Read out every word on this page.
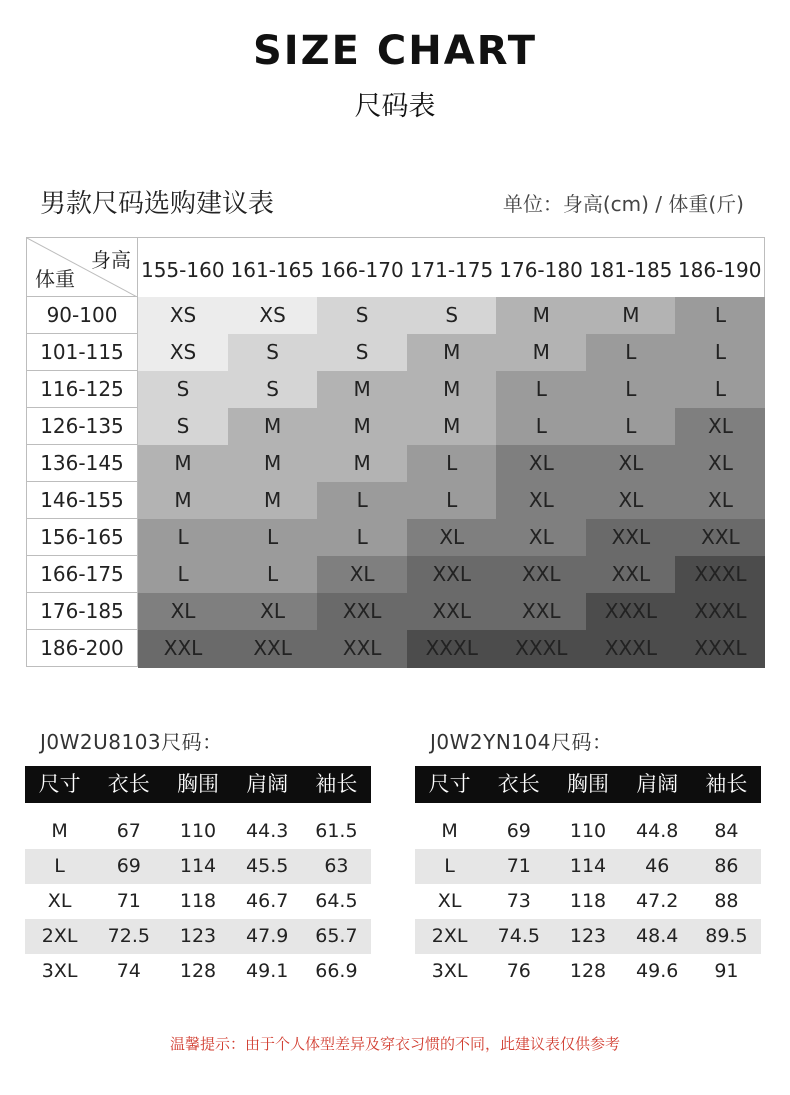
SIZE CHART
尺码表
男款尺码选购建议表	单位：身高(cm) / 体重(斤)
身高
体重	155-160 161-165 166-170 171-175 176-180 181-185 186-190
90-100	XS	XS	S	S	M	M	L
101-115	XS	S	S	M	M	L	L
116-125	S	S	M	M	L	L	L
126-135	S	M	M	M	L	L	XL
136-145	M	M	M	L	XL	XL	XL
146-155	M	M	L	L	XL	XL	XL
156-165	L	L	L	XL	XL	XXL	XXL
166-175	L	L	XL	XXL	XXL	XXL	XXXL
176-185	XL	XL	XXL	XXL	XXL	XXXL	XXXL
186-200	XXL	XXL	XXL	XXXL	XXXL	XXXL	XXXL
J0W2U8103尺码：	J0W2YN104尺码：
尺寸	衣长	胸围	肩阔	袖长
M	67	110	44.3	61.5
L	69	114	45.5	63
XL	71	118	46.7	64.5
2XL	72.5	123	47.9	65.7
3XL	74	128	49.1	66.9
尺寸	衣长	胸围	肩阔	袖长
M	69	110	44.8	84
L	71	114	46	86
XL	73	118	47.2	88
2XL	74.5	123	48.4	89.5
3XL	76	128	49.6	91
温馨提示：由于个人体型差异及穿衣习惯的不同，此建议表仅供参考
